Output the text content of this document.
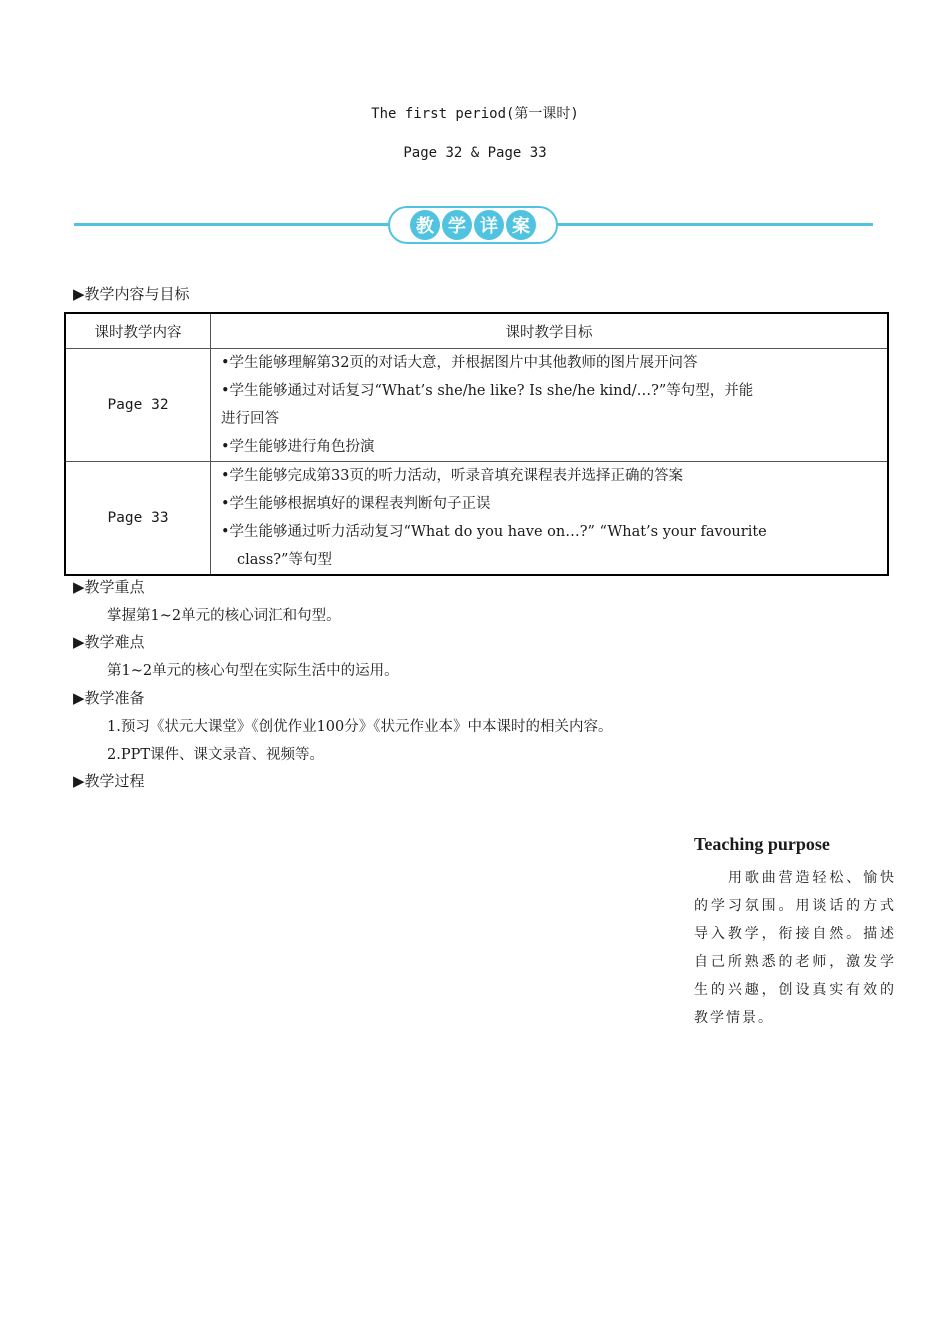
The first period(第一课时)
Page 32 & Page 33
教 学 详 案
▶教学内容与目标
课时教学内容	课时教学目标
Page 32	•学生能够理解第32页的对话大意，并根据图片中其他教师的图片展开问答
•学生能够通过对话复习“What’s she/he like? Is she/he kind/…?”等句型，并能
进行回答
•学生能够进行角色扮演

Page 33	•学生能够完成第33页的听力活动，听录音填充课程表并选择正确的答案
•学生能够根据填好的课程表判断句子正误
•学生能够通过听力活动复习“What do you have on…?” “What’s your favourite
class?”等句型
▶教学重点
掌握第1~2单元的核心词汇和句型。
▶教学难点
第1~2单元的核心句型在实际生活中的运用。
▶教学准备
1.预习《状元大课堂》《创优作业100分》《状元作业本》中本课时的相关内容。
2.PPT课件、课文录音、视频等。
▶教学过程
Teaching purpose
用歌曲营造轻松、愉快的学习氛围。用谈话的方式导入教学，衔接自然。描述自己所熟悉的老师，激发学生的兴趣，创设真实有效的教学情景。
